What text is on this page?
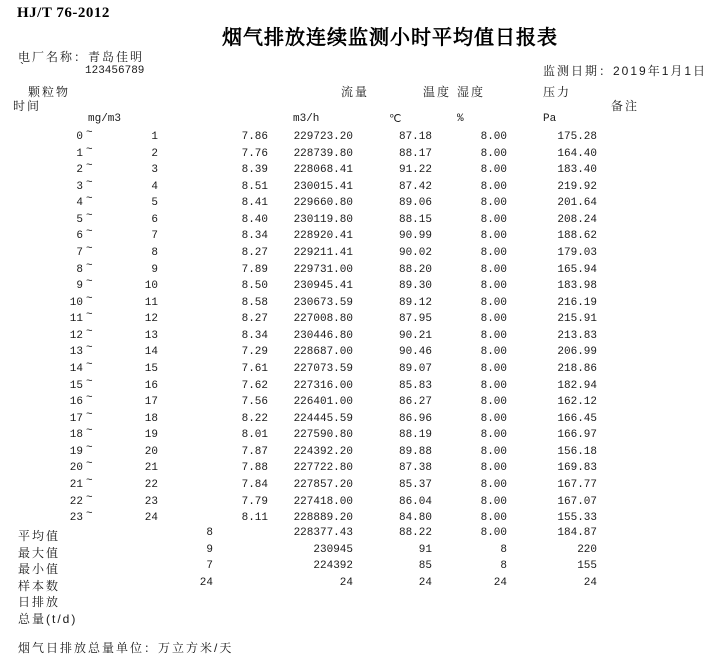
HJ/T 76-2012
烟气排放连续监测小时平均值日报表
电厂名称：青岛佳明
`	123456789	监测日期：2019年1月1日
颗粒物	流量	温度 湿度	压力
时间	备注
mg/m3	m3/h	℃	%	Pa
0 ~	1	7.86	229723.20	87.18	8.00	175.28
1 ~	2	7.76	228739.80	88.17	8.00	164.40
2 ~	3	8.39	228068.41	91.22	8.00	183.40
3 ~	4	8.51	230015.41	87.42	8.00	219.92
4 ~	5	8.41	229660.80	89.06	8.00	201.64
5 ~	6	8.40	230119.80	88.15	8.00	208.24
6 ~	7	8.34	228920.41	90.99	8.00	188.62
7 ~	8	8.27	229211.41	90.02	8.00	179.03
8 ~	9	7.89	229731.00	88.20	8.00	165.94
9 ~	10	8.50	230945.41	89.30	8.00	183.98
10 ~	11	8.58	230673.59	89.12	8.00	216.19
11 ~	12	8.27	227008.80	87.95	8.00	215.91
12 ~	13	8.34	230446.80	90.21	8.00	213.83
13 ~	14	7.29	228687.00	90.46	8.00	206.99
14 ~	15	7.61	227073.59	89.07	8.00	218.86
15 ~	16	7.62	227316.00	85.83	8.00	182.94
16 ~	17	7.56	226401.00	86.27	8.00	162.12
17 ~	18	8.22	224445.59	86.96	8.00	166.45
18 ~	19	8.01	227590.80	88.19	8.00	166.97
19 ~	20	7.87	224392.20	89.88	8.00	156.18
20 ~	21	7.88	227722.80	87.38	8.00	169.83
21 ~	22	7.84	227857.20	85.37	8.00	167.77
22 ~	23	7.79	227418.00	86.04	8.00	167.07
23 ~	24	8.11	228889.20	84.80	8.00	155.33
平均值	8	228377.43	88.22	8.00	184.87
最大值	9	230945	91	8	220
最小值	7	224392	85	8	155
样本数	24	24	24	24	24
日排放
总量(t/d)
烟气日排放总量单位：万立方米/天
